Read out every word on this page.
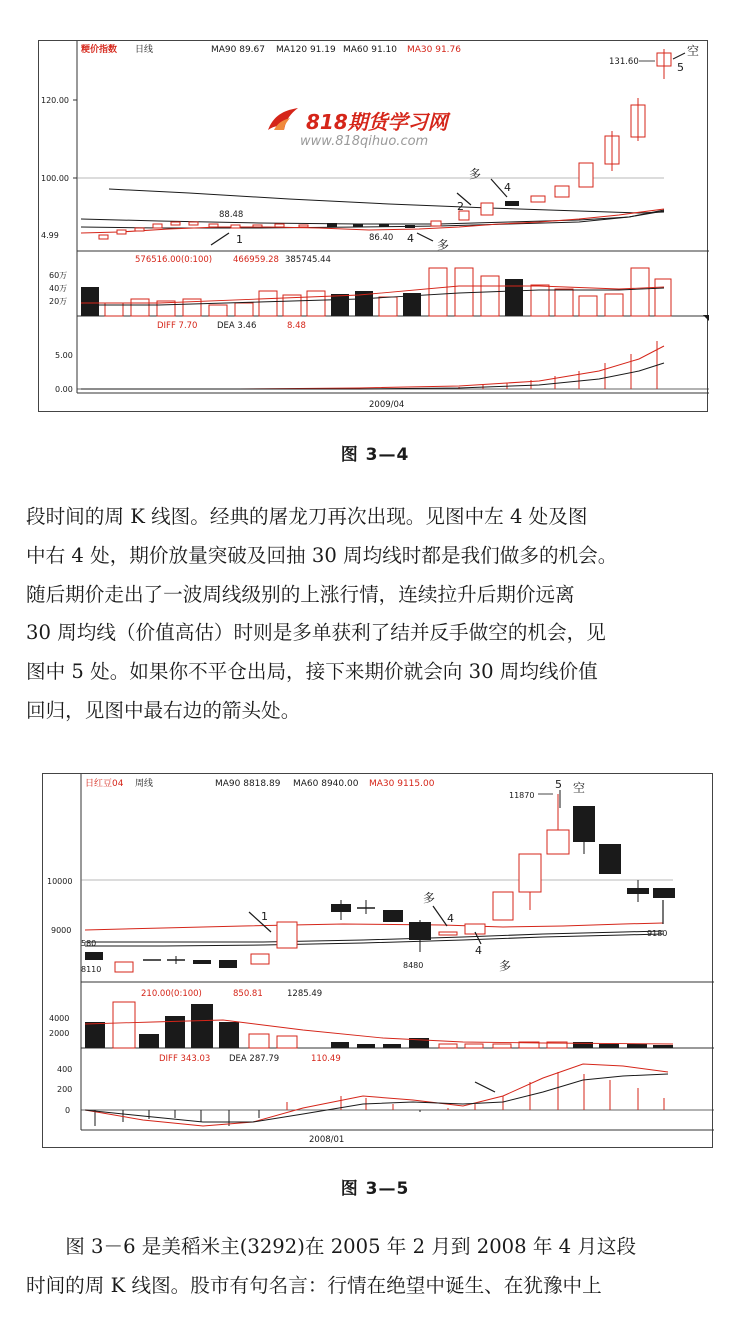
粳价指数 日线	MA90 89.67 MA120 91.19 MA60 91.10 MA30 91.76
120.00
100.00
4.99
88.48
86.40
131.60
空
5
多
4
2
1	4 多
576516.00(0:100) 466959.28 385745.44
60万
40万
20万
DIFF 7.70 DEA 3.46	8.48
5.00
0.00
2009/04
818期货学习网
www.818qihuo.com
图 3—4

段时间的周 K 线图。经典的屠龙刀再次出现。见图中左 4 处及图

中右 4 处，期价放量突破及回抽 30 周均线时都是我们做多的机会。

随后期价走出了一波周线级别的上涨行情，连续拉升后期价远离

30 周均线（价值高估）时则是多单获利了结并反手做空的机会，见

图中 5 处。如果你不平仓出局，接下来期价就会向 30 周均线价值

回归，见图中最右边的箭头处。

日红豆04 周线	MA90 8818.89 MA60 8940.00 MA30 9115.00
10000
9000
580
8110	8480
9180
11870
5 空
1
多
4
4
多
210.00(0:100)	850.81	1285.49
4000
2000
DIFF 343.03 DEA 287.79	110.49
400
200
0
2008/01
图 3—5

图 3－6 是美稻米主(3292)在 2005 年 2 月到 2008 年 4 月这段

时间的周 K 线图。股市有句名言：行情在绝望中诞生、在犹豫中上
